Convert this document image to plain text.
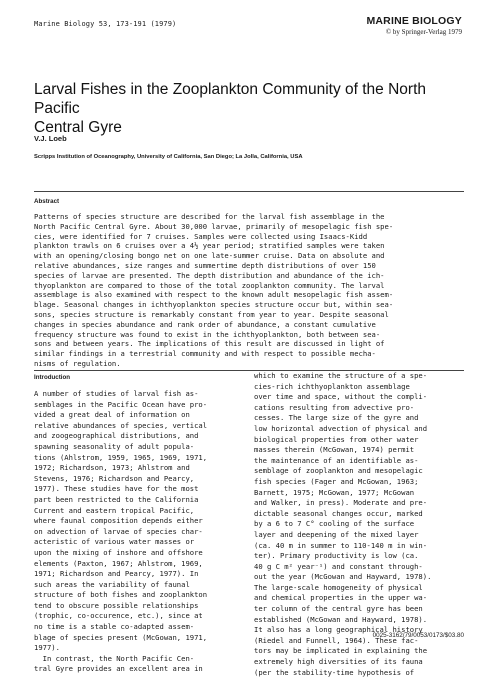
Marine Biology 53, 173-191 (1979)	MARINE BIOLOGY
© by Springer-Verlag 1979
Larval Fishes in the Zooplankton Community of the North Pacific
Central Gyre
V.J. Loeb
Scripps Institution of Oceanography, University of California, San Diego; La Jolla, California, USA
Abstract
Patterns of species structure are described for the larval fish assemblage in the
North Pacific Central Gyre. About 30,000 larvae, primarily of mesopelagic fish spe-
cies, were identified for 7 cruises. Samples were collected using Isaacs-Kidd
plankton trawls on 6 cruises over a 4½ year period; stratified samples were taken
with an opening/closing bongo net on one late-summer cruise. Data on absolute and
relative abundances, size ranges and summertime depth distributions of over 150
species of larvae are presented. The depth distribution and abundance of the ich-
thyoplankton are compared to those of the total zooplankton community. The larval
assemblage is also examined with respect to the known adult mesopelagic fish assem-
blage. Seasonal changes in ichthyoplankton species structure occur but, within sea-
sons, species structure is remarkably constant from year to year. Despite seasonal
changes in species abundance and rank order of abundance, a constant cumulative
frequency structure was found to exist in the ichthyoplankton, both between sea-
sons and between years. The implications of this result are discussed in light of
similar findings in a terrestrial community and with respect to possible mecha-
nisms of regulation.
Introduction
A number of studies of larval fish as-
semblages in the Pacific Ocean have pro-
vided a great deal of information on
relative abundances of species, vertical
and zoogeographical distributions, and
spawning seasonality of adult popula-
tions (Ahlstrom, 1959, 1965, 1969, 1971,
1972; Richardson, 1973; Ahlstrom and
Stevens, 1976; Richardson and Pearcy,
1977). These studies have for the most
part been restricted to the California
Current and eastern tropical Pacific,
where faunal composition depends either
on advection of larvae of species char-
acteristic of various water masses or
upon the mixing of inshore and offshore
elements (Paxton, 1967; Ahlstrom, 1969,
1971; Richardson and Pearcy, 1977). In
such areas the variability of faunal
structure of both fishes and zooplankton
tend to obscure possible relationships
(trophic, co-occurence, etc.), since at
no time is a stable co-adapted assem-
blage of species present (McGowan, 1971,
1977).
In contrast, the North Pacific Cen-
tral Gyre provides an excellent area in
which to examine the structure of a spe-
cies-rich ichthyoplankton assemblage
over time and space, without the compli-
cations resulting from advective pro-
cesses. The large size of the gyre and
low horizontal advection of physical and
biological properties from other water
masses therein (McGowan, 1974) permit
the maintenance of an identifiable as-
semblage of zooplankton and mesopelagic
fish species (Fager and McGowan, 1963;
Barnett, 1975; McGowan, 1977; McGowan
and Walker, in press). Moderate and pre-
dictable seasonal changes occur, marked
by a 6 to 7 C° cooling of the surface
layer and deepening of the mixed layer
(ca. 40 m in summer to 110-140 m in win-
ter). Primary productivity is low (ca.
40 g C m² year⁻¹) and constant through-
out the year (McGowan and Hayward, 1978).
The large-scale homogeneity of physical
and chemical properties in the upper wa-
ter column of the central gyre has been
established (McGowan and Hayward, 1978).
It also has a long geographical history
(Riedel and Funnell, 1964). These fac-
tors may be implicated in explaining the
extremely high diversities of its fauna
(per the stability-time hypothesis of
0025-3162/79/0053/0173/$03.80
